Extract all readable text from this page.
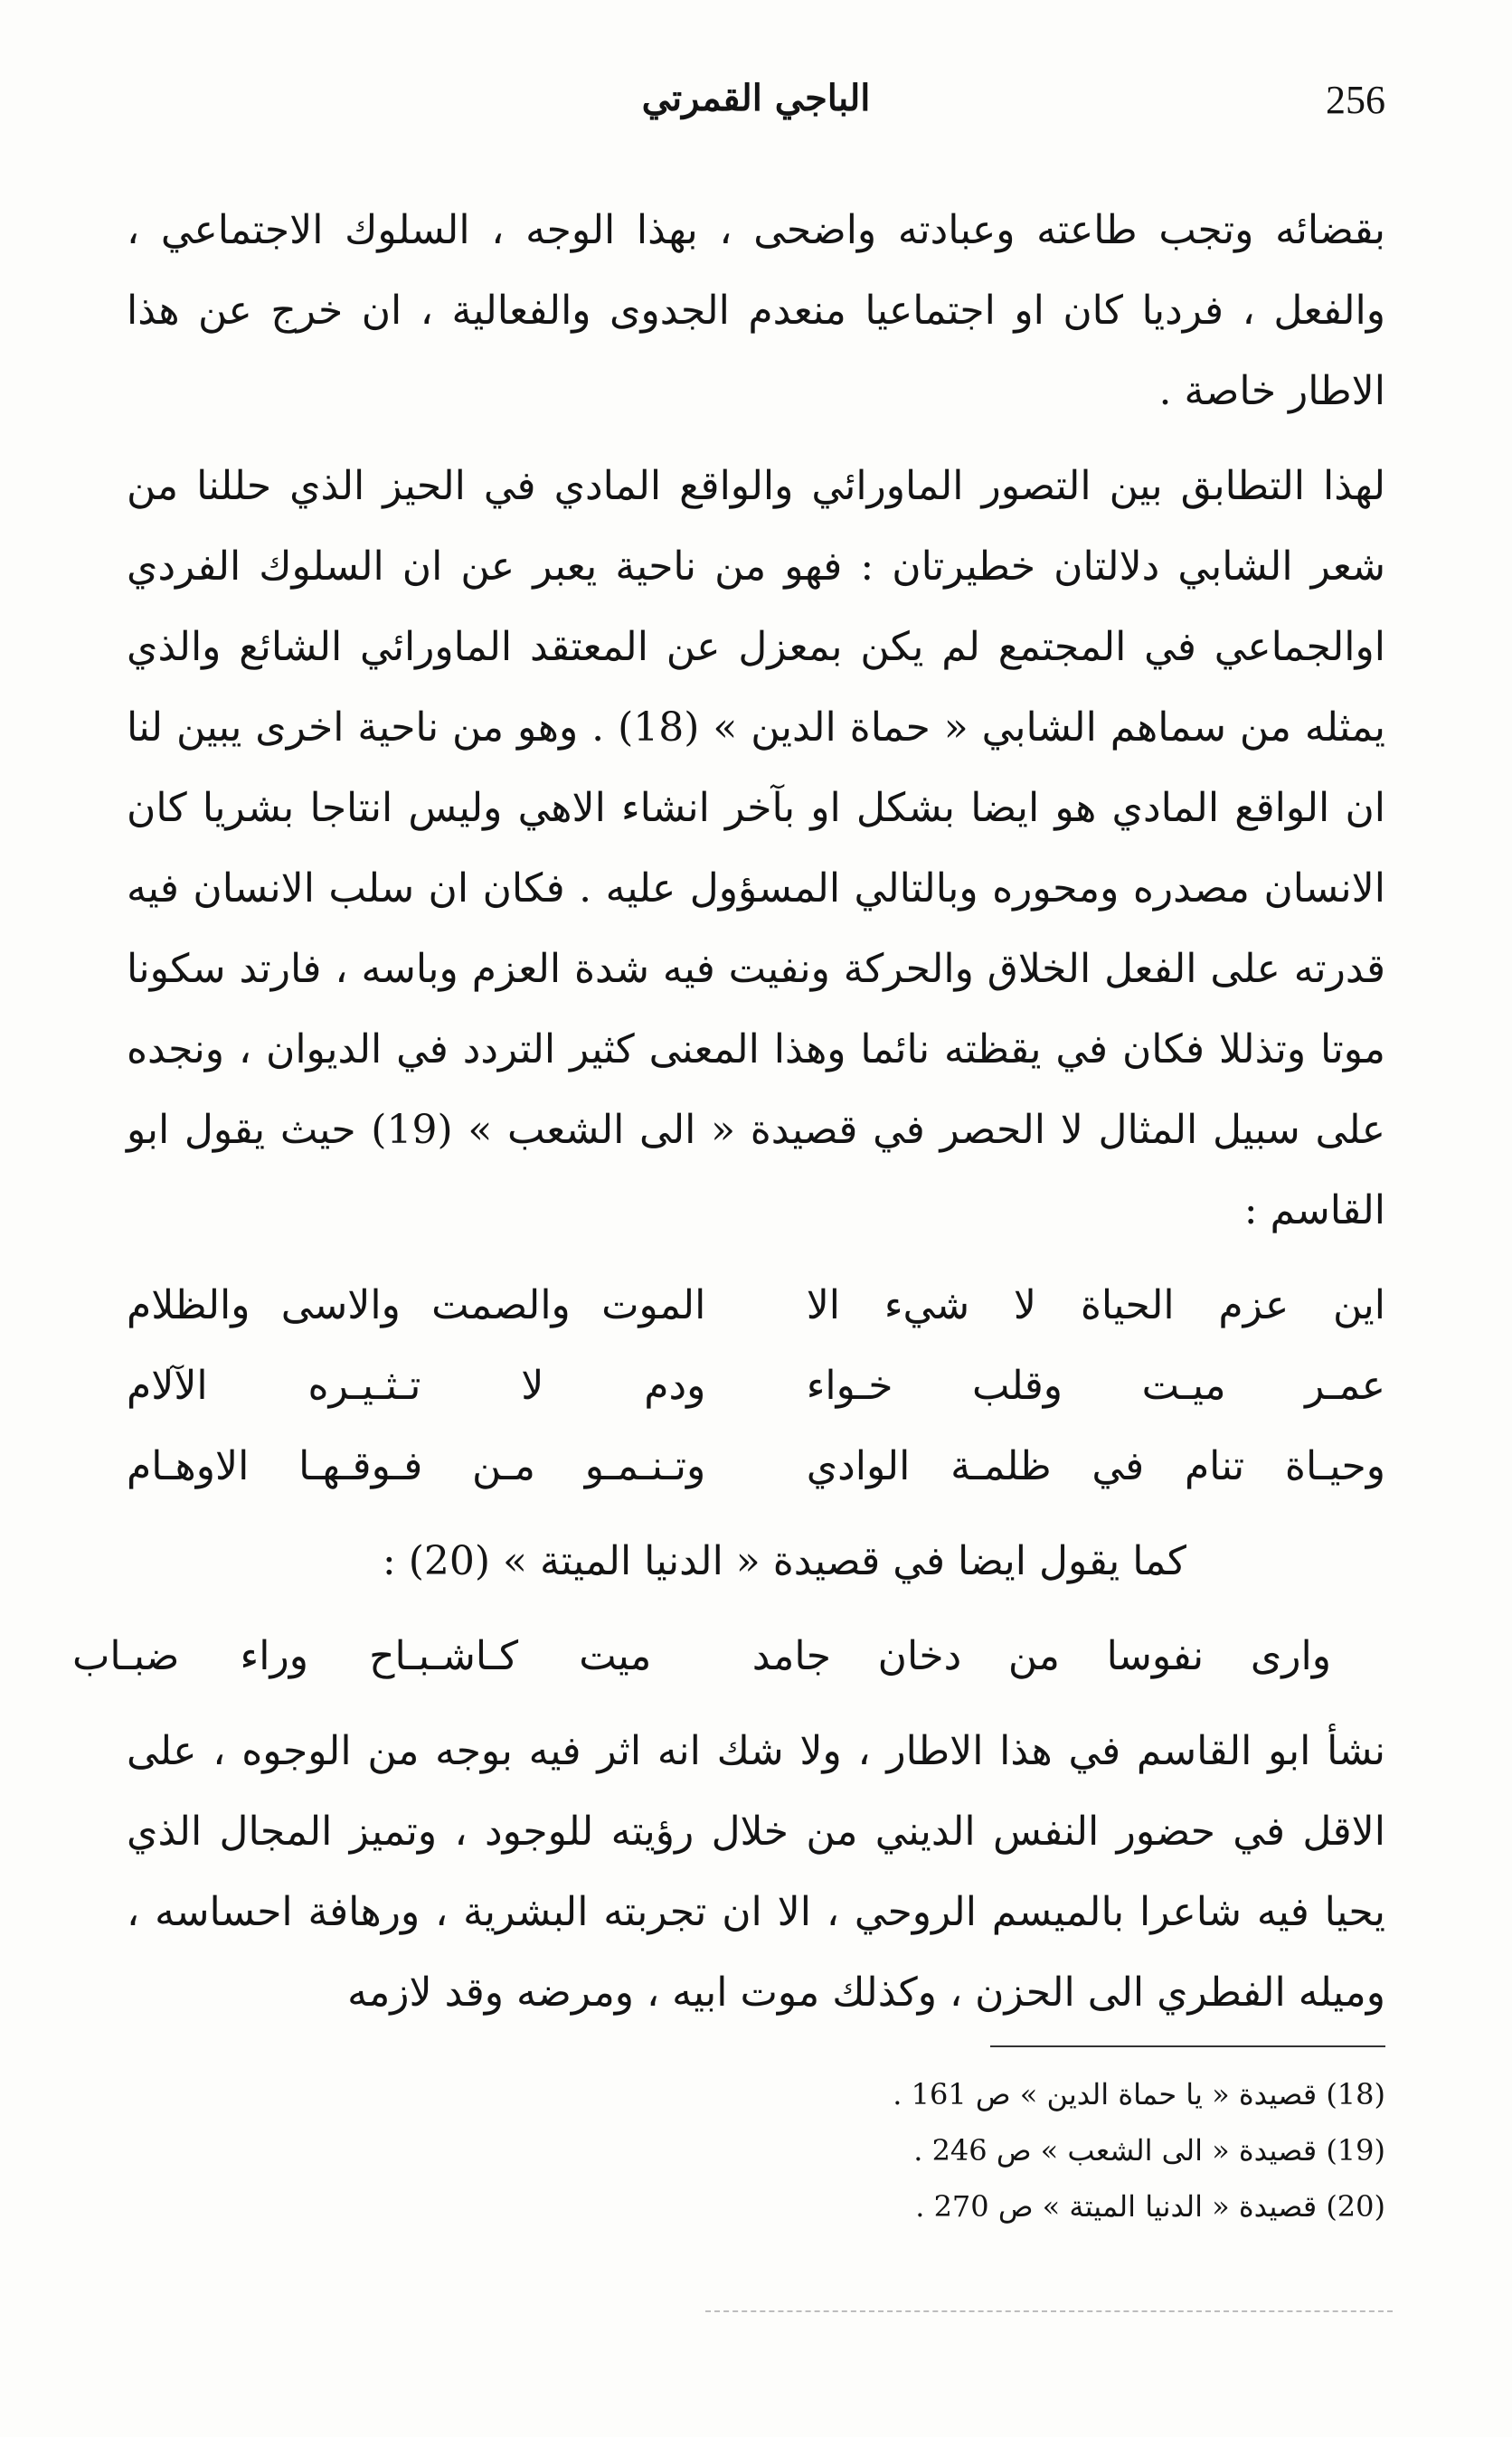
256
الباجي القمرتي

بقضائه وتجب طاعته وعبادته واضحى ، بهذا الوجه ، السلوك الاجتماعي ، والفعل ، فرديا كان او اجتماعيا منعدم الجدوى والفعالية ، ان خرج عن هذا الاطار خاصة .

لهذا التطابق بين التصور الماورائي والواقع المادي في الحيز الذي حللنا من شعر الشابي دلالتان خطيرتان : فهو من ناحية يعبر عن ان السلوك الفردي اوالجماعي في المجتمع لم يكن بمعزل عن المعتقد الماورائي الشائع والذي يمثله من سماهم الشابي « حماة الدين » (18) . وهو من ناحية اخرى يبين لنا ان الواقع المادي هو ايضا بشكل او بآخر انشاء الاهي وليس انتاجا بشريا كان الانسان مصدره ومحوره وبالتالي المسؤول عليه . فكان ان سلب الانسان فيه قدرته على الفعل الخلاق والحركة ونفيت فيه شدة العزم وباسه ، فارتد سكونا موتا وتذللا فكان في يقظته نائما وهذا المعنى كثير التردد في الديوان ، ونجده على سبيل المثال لا الحصر في قصيدة « الى الشعب » (19) حيث يقول ابو القاسم :

اين عزم الحياة لا شيء الا
الموت والصمت والاسى والظلام
عمـر ميـت وقلب خـواء
ودم لا تـثـيـره الآلام
وحيـاة تنام في ظلمـة الوادي
وتـنـمـو مـن فـوقـهـا الاوهـام

كما يقول ايضا في قصيدة « الدنيا الميتة » (20) :

وارى نفوسا من دخان جامد
ميت كـاشـبـاح وراء ضبـاب

نشأ ابو القاسم في هذا الاطار ، ولا شك انه اثر فيه بوجه من الوجوه ، على الاقل في حضور النفس الديني من خلال رؤيته للوجود ، وتميز المجال الذي يحيا فيه شاعرا بالميسم الروحي ، الا ان تجربته البشرية ، ورهافة احساسه ، وميله الفطري الى الحزن ، وكذلك موت ابيه ، ومرضه وقد لازمه

(18) قصيدة « يا حماة الدين » ص 161 .
(19) قصيدة « الى الشعب » ص 246 .
(20) قصيدة « الدنيا الميتة » ص 270 .
